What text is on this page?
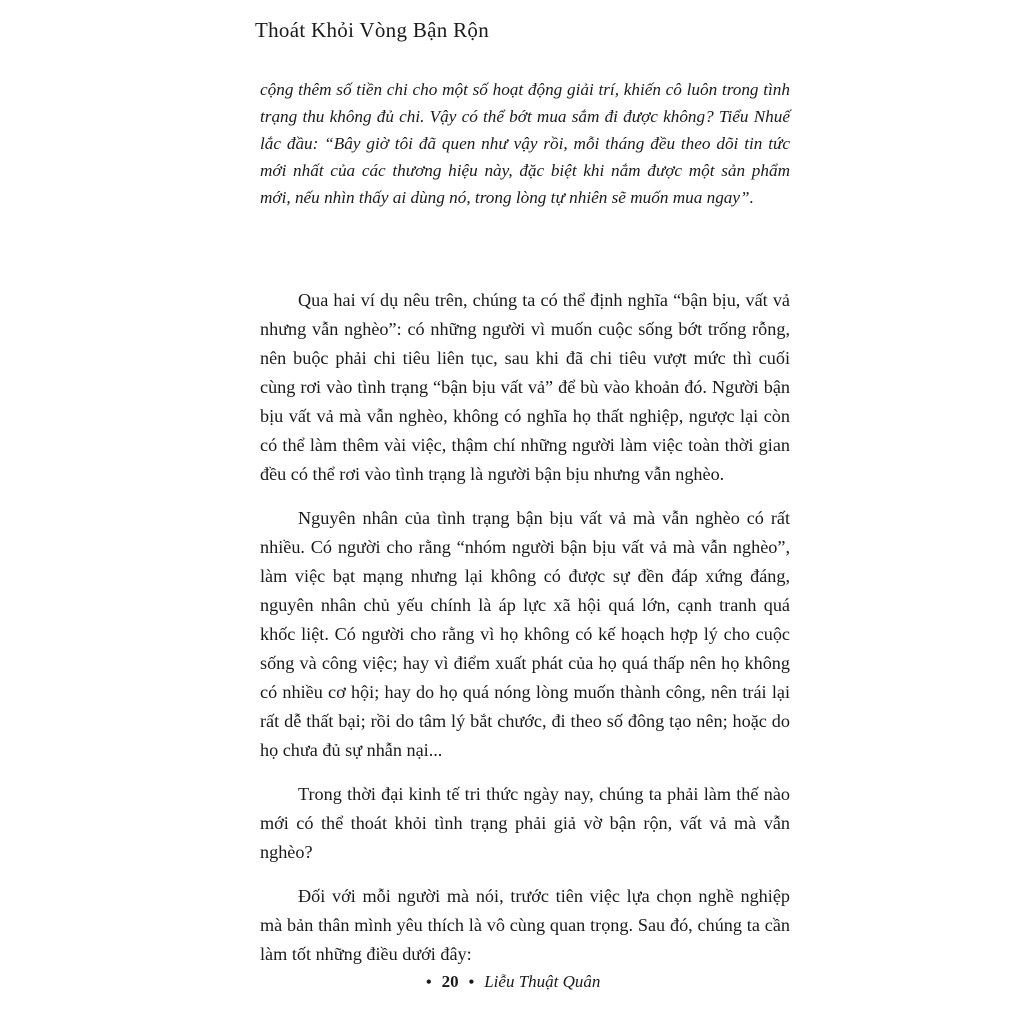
Thoát Khỏi Vòng Bận Rộn

cộng thêm số tiền chi cho một số hoạt động giải trí, khiến cô luôn trong tình trạng thu không đủ chi. Vậy có thể bớt mua sắm đi được không? Tiểu Nhuế lắc đầu: “Bây giờ tôi đã quen như vậy rồi, mỗi tháng đều theo dõi tin tức mới nhất của các thương hiệu này, đặc biệt khi nắm được một sản phẩm mới, nếu nhìn thấy ai dùng nó, trong lòng tự nhiên sẽ muốn mua ngay”.

Qua hai ví dụ nêu trên, chúng ta có thể định nghĩa “bận bịu, vất vả nhưng vẫn nghèo”: có những người vì muốn cuộc sống bớt trống rỗng, nên buộc phải chi tiêu liên tục, sau khi đã chi tiêu vượt mức thì cuối cùng rơi vào tình trạng “bận bịu vất vả” để bù vào khoản đó. Người bận bịu vất vả mà vẫn nghèo, không có nghĩa họ thất nghiệp, ngược lại còn có thể làm thêm vài việc, thậm chí những người làm việc toàn thời gian đều có thể rơi vào tình trạng là người bận bịu nhưng vẫn nghèo.

Nguyên nhân của tình trạng bận bịu vất vả mà vẫn nghèo có rất nhiều. Có người cho rằng “nhóm người bận bịu vất vả mà vẫn nghèo”, làm việc bạt mạng nhưng lại không có được sự đền đáp xứng đáng, nguyên nhân chủ yếu chính là áp lực xã hội quá lớn, cạnh tranh quá khốc liệt. Có người cho rằng vì họ không có kế hoạch hợp lý cho cuộc sống và công việc; hay vì điểm xuất phát của họ quá thấp nên họ không có nhiều cơ hội; hay do họ quá nóng lòng muốn thành công, nên trái lại rất dễ thất bại; rồi do tâm lý bắt chước, đi theo số đông tạo nên; hoặc do họ chưa đủ sự nhẫn nại...

Trong thời đại kinh tế tri thức ngày nay, chúng ta phải làm thế nào mới có thể thoát khỏi tình trạng phải giả vờ bận rộn, vất vả mà vẫn nghèo?

Đối với mỗi người mà nói, trước tiên việc lựa chọn nghề nghiệp mà bản thân mình yêu thích là vô cùng quan trọng. Sau đó, chúng ta cần làm tốt những điều dưới đây:

• 20 • Liễu Thuật Quân
